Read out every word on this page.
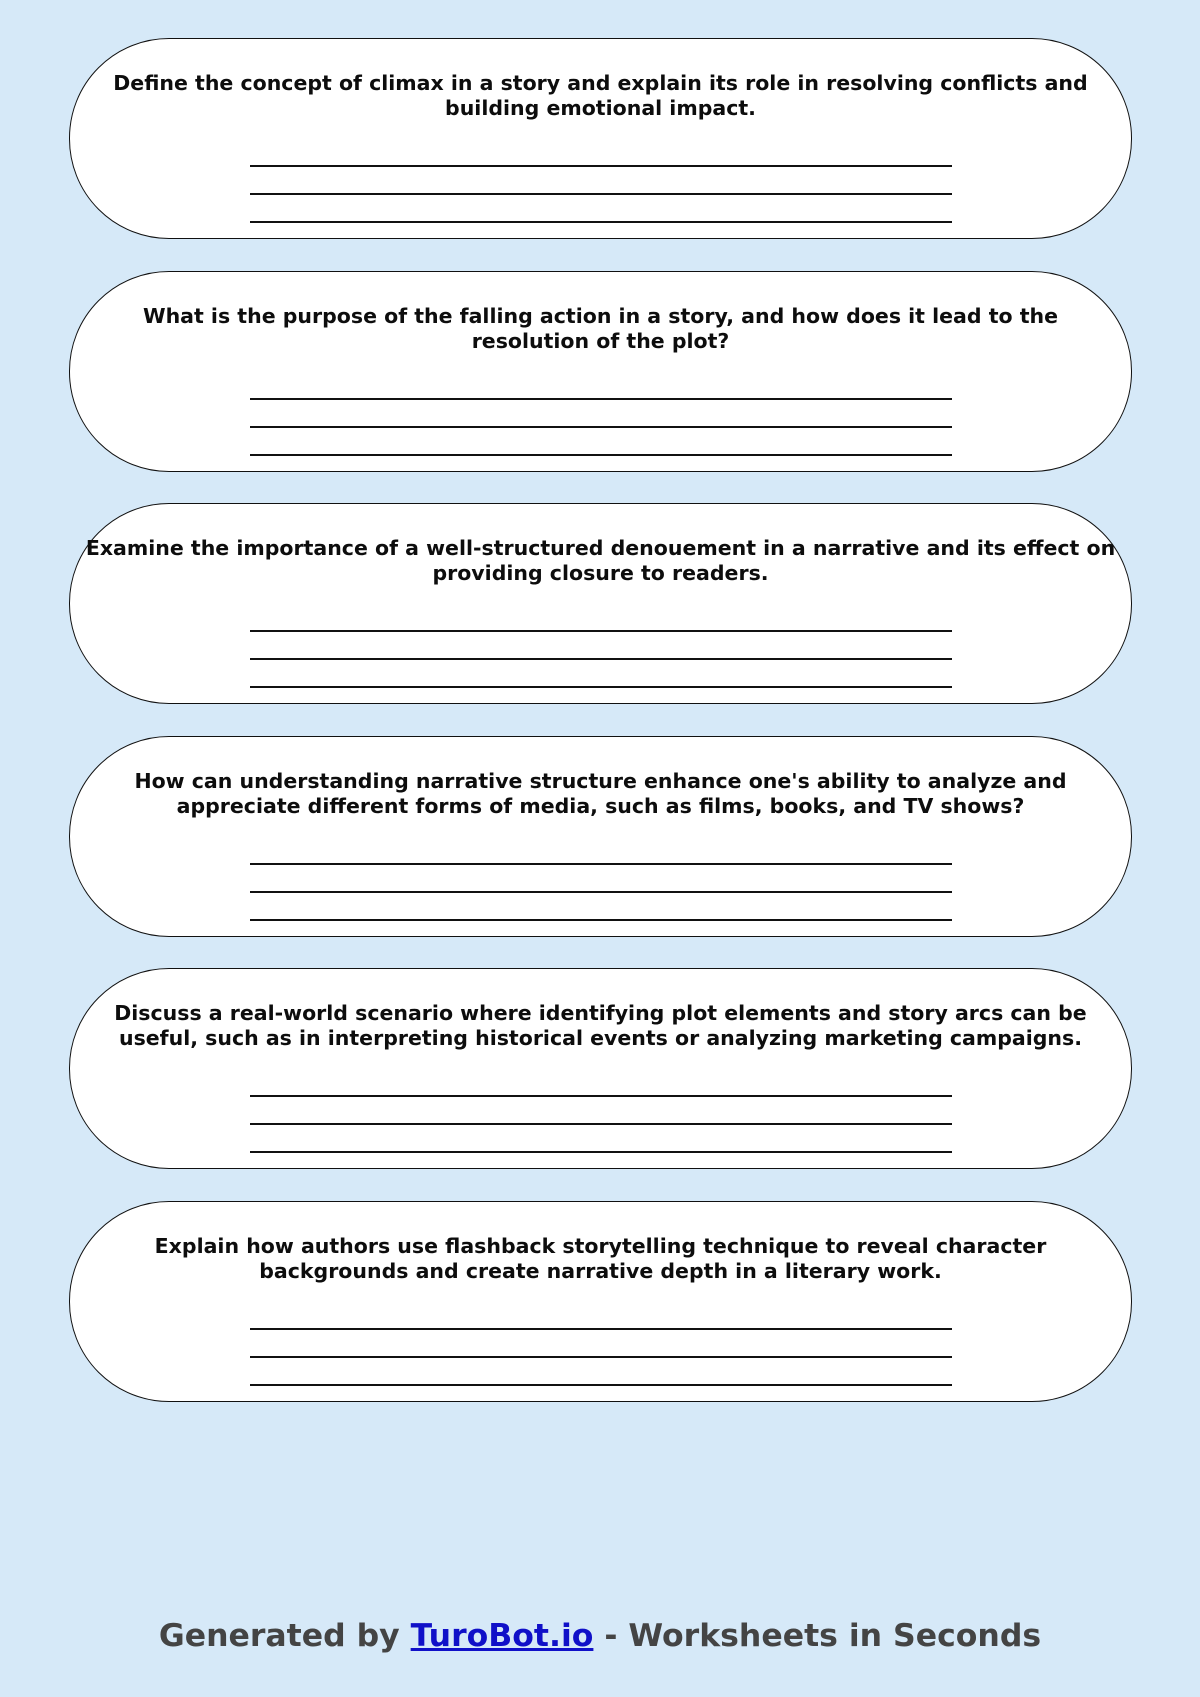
Define the concept of climax in a story and explain its role in resolving conflicts and building emotional impact.
What is the purpose of the falling action in a story, and how does it lead to the resolution of the plot?
Examine the importance of a well-structured denouement in a narrative and its effect on providing closure to readers.
How can understanding narrative structure enhance one's ability to analyze and appreciate different forms of media, such as films, books, and TV shows?
Discuss a real-world scenario where identifying plot elements and story arcs can be useful, such as in interpreting historical events or analyzing marketing campaigns.
Explain how authors use flashback storytelling technique to reveal character backgrounds and create narrative depth in a literary work.
Generated by TuroBot.io - Worksheets in Seconds
